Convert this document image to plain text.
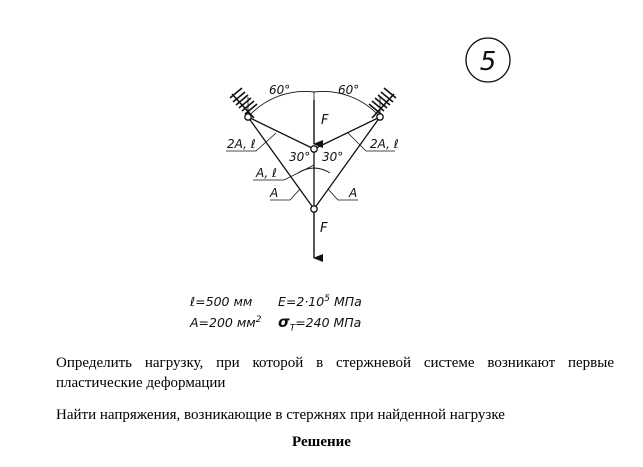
5
60°	60°
F
2A, ℓ	2A, ℓ
30° 30°
A, ℓ
A	A
F
ℓ=500 мм $E=2\cdot 10^5$ МПа
A=200 $мм^2$ $\sigma_T=240$ МПа
Определить нагрузку, при которой в стержневой системе возникают первые
пластические деформации
Найти напряжения, возникающие в стержнях при найденной нагрузке
Решение
